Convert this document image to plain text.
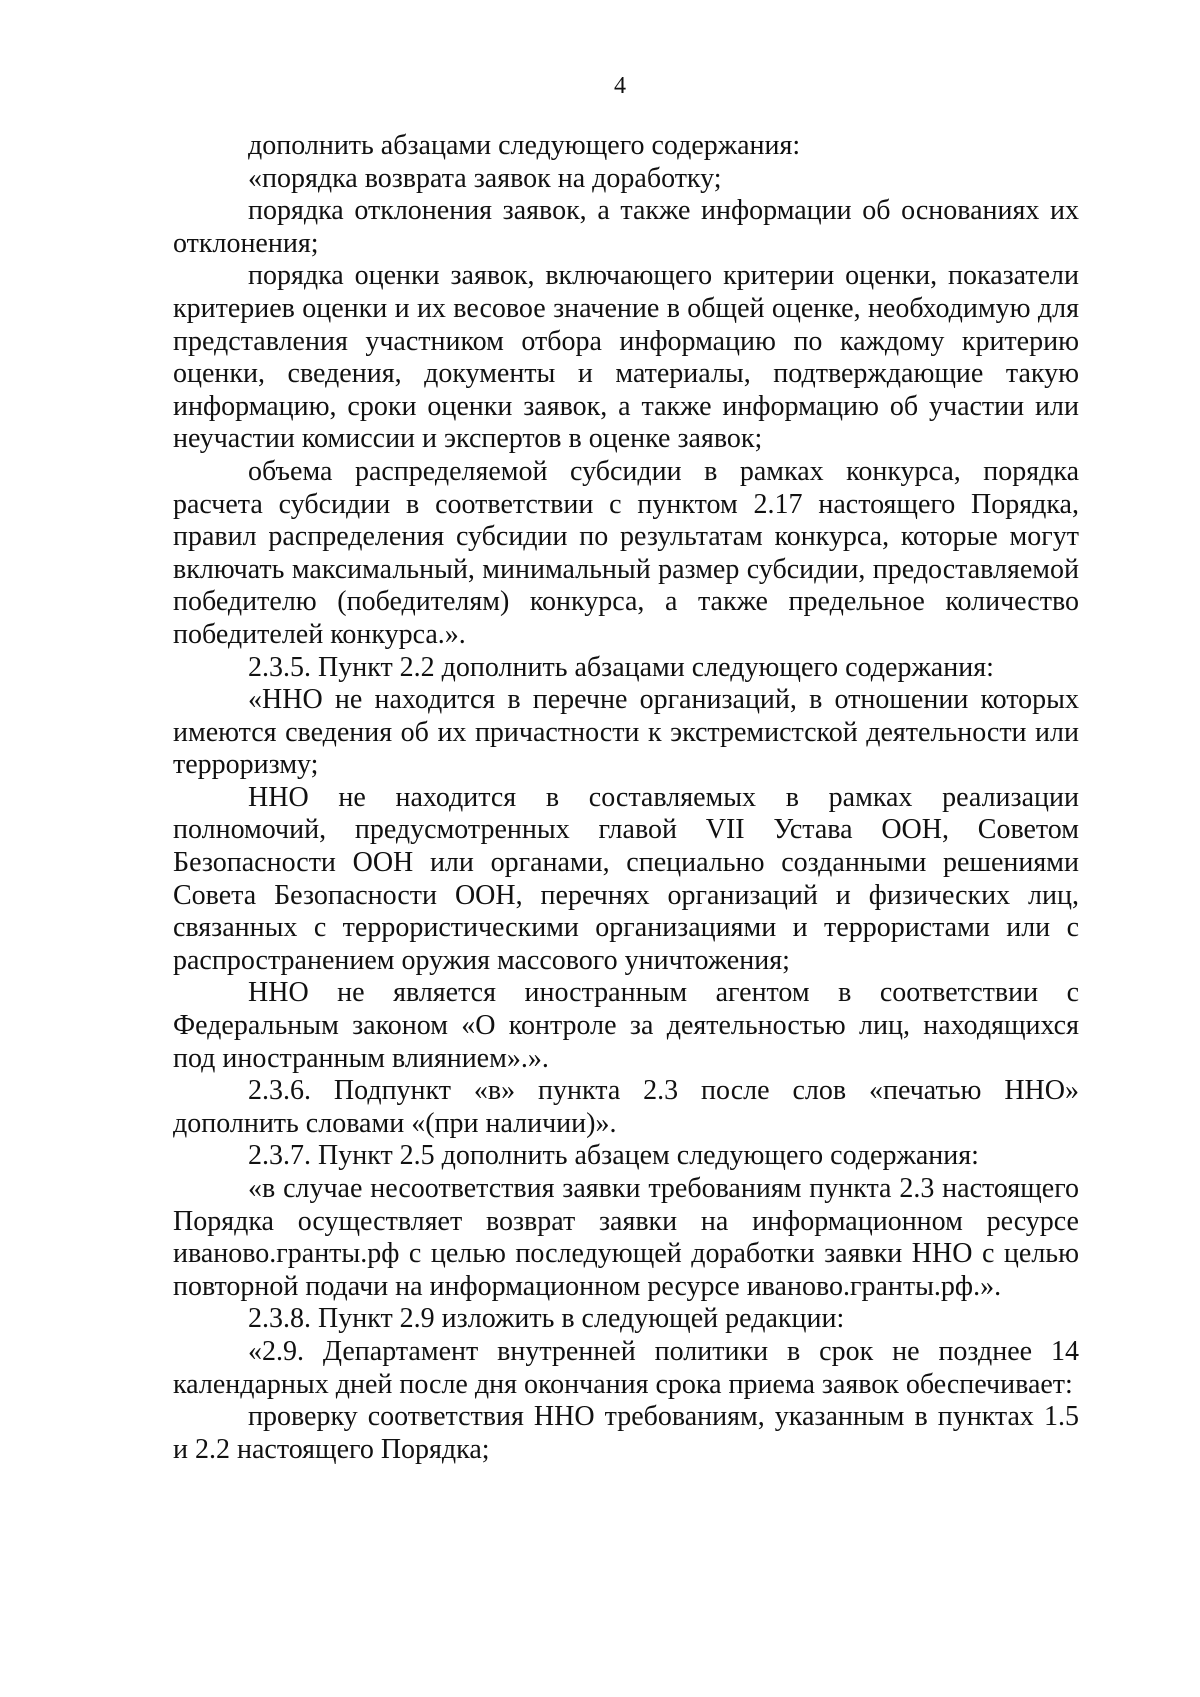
4

дополнить абзацами следующего содержания:

«порядка возврата заявок на доработку;

порядка отклонения заявок, а также информации об основаниях их отклонения;

порядка оценки заявок, включающего критерии оценки, показатели критериев оценки и их весовое значение в общей оценке, необходимую для представления участником отбора информацию по каждому критерию оценки, сведения, документы и материалы, подтверждающие такую информацию, сроки оценки заявок, а также информацию об участии или неучастии комиссии и экспертов в оценке заявок;

объема распределяемой субсидии в рамках конкурса, порядка расчета субсидии в соответствии с пунктом 2.17 настоящего Порядка, правил распределения субсидии по результатам конкурса, которые могут включать максимальный, минимальный размер субсидии, предоставляемой победителю (победителям) конкурса, а также предельное количество победителей конкурса.».

2.3.5. Пункт 2.2 дополнить абзацами следующего содержания:

«ННО не находится в перечне организаций, в отношении которых имеются сведения об их причастности к экстремистской деятельности или терроризму;

ННО не находится в составляемых в рамках реализации полномочий, предусмотренных главой VII Устава ООН, Советом Безопасности ООН или органами, специально созданными решениями Совета Безопасности ООН, перечнях организаций и физических лиц, связанных с террористическими организациями и террористами или с распространением оружия массового уничтожения;

ННО не является иностранным агентом в соответствии с Федеральным законом «О контроле за деятельностью лиц, находящихся под иностранным влиянием».».

2.3.6. Подпункт «в» пункта 2.3 после слов «печатью ННО» дополнить словами «(при наличии)».

2.3.7. Пункт 2.5 дополнить абзацем следующего содержания:

«в случае несоответствия заявки требованиям пункта 2.3 настоящего Порядка осуществляет возврат заявки на информационном ресурсе иваново.гранты.рф с целью последующей доработки заявки ННО с целью повторной подачи на информационном ресурсе иваново.гранты.рф.».

2.3.8. Пункт 2.9 изложить в следующей редакции:

«2.9. Департамент внутренней политики в срок не позднее 14 календарных дней после дня окончания срока приема заявок обеспечивает:

проверку соответствия ННО требованиям, указанным в пунктах 1.5 и 2.2 настоящего Порядка;
